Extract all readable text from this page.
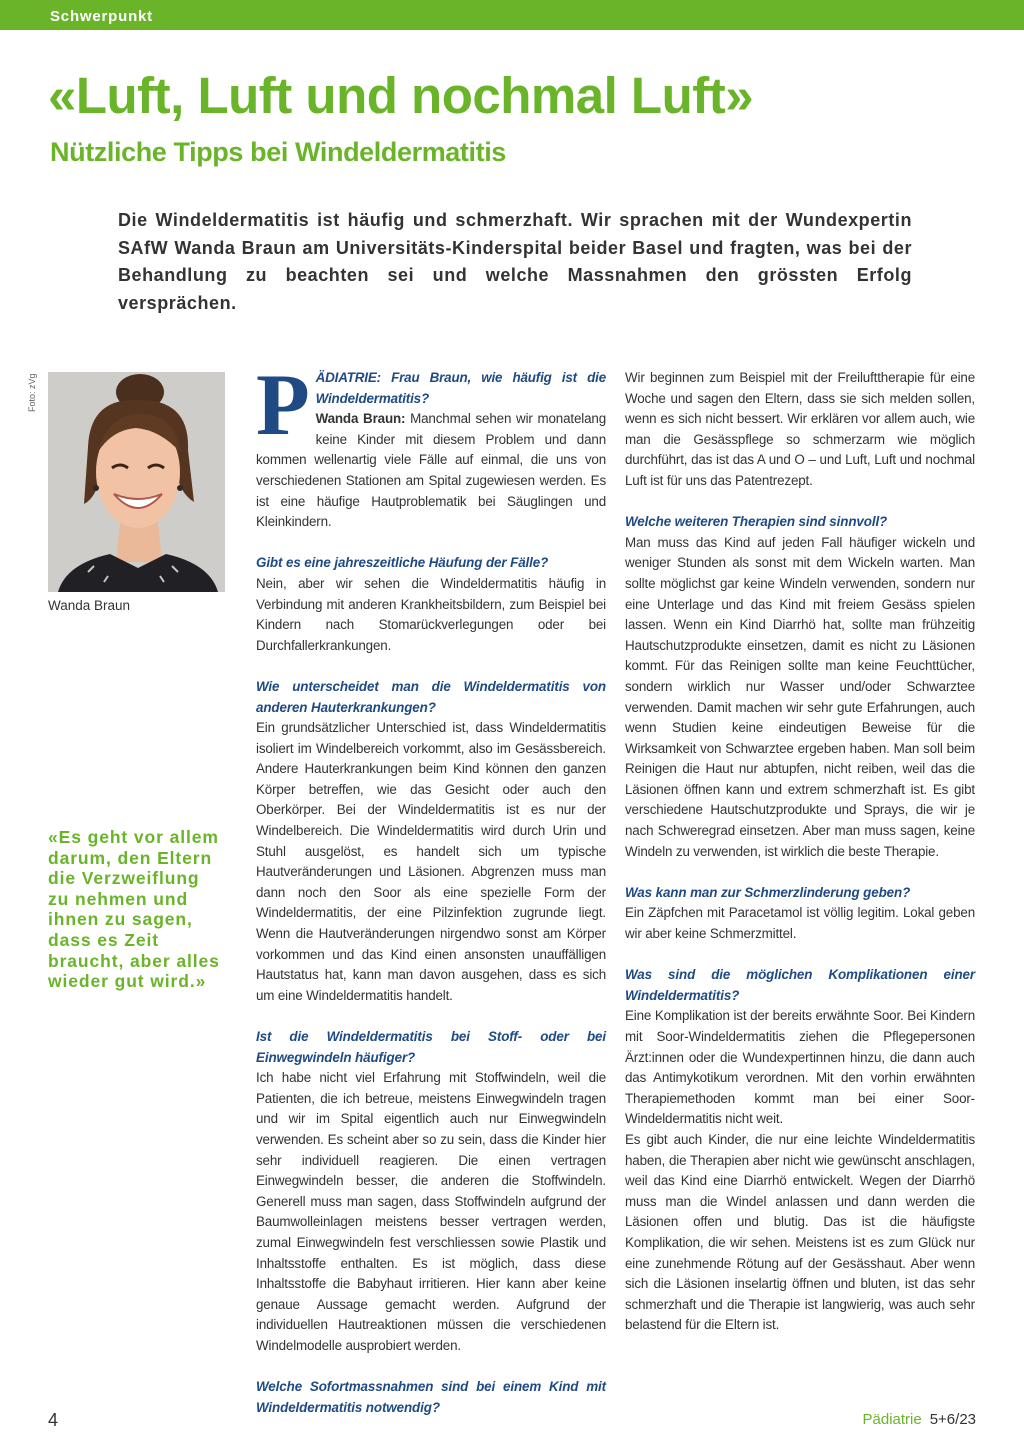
Schwerpunkt
«Luft, Luft und nochmal Luft»
Nützliche Tipps bei Windeldermatitis

Die Windeldermatitis ist häufig und schmerzhaft. Wir sprachen mit der Wundexpertin SAfW Wanda Braun am Universitäts-Kinderspital beider Basel und fragten, was bei der Behandlung zu beachten sei und welche Massnahmen den grössten Erfolg versprächen.

Foto: zVg
Wanda Braun

«Es geht vor allem darum, den Eltern die Verzweiflung zu nehmen und ihnen zu sagen, dass es Zeit braucht, aber alles wieder gut wird.»

PÄDIATRIE: Frau Braun, wie häufig ist die Windeldermatitis?
Wanda Braun: Manchmal sehen wir monatelang keine Kinder mit diesem Problem und dann kommen wellenartig viele Fälle auf einmal, die uns von verschiedenen Stationen am Spital zugewiesen werden. Es ist eine häufige Hautproblematik bei Säuglingen und Kleinkindern.

Gibt es eine jahreszeitliche Häufung der Fälle?

Nein, aber wir sehen die Windeldermatitis häufig in Verbindung mit anderen Krankheitsbildern, zum Beispiel bei Kindern nach Stomarückverlegungen oder bei Durchfallerkrankungen.

Wie unterscheidet man die Windeldermatitis von anderen Hauterkrankungen?

Ein grundsätzlicher Unterschied ist, dass Windeldermatitis isoliert im Windelbereich vorkommt, also im Gesässbereich. Andere Hauterkrankungen beim Kind können den ganzen Körper betreffen, wie das Gesicht oder auch den Oberkörper. Bei der Windeldermatitis ist es nur der Windelbereich. Die Windeldermatitis wird durch Urin und Stuhl ausgelöst, es handelt sich um typische Hautveränderungen und Läsionen. Abgrenzen muss man dann noch den Soor als eine spezielle Form der Windeldermatitis, der eine Pilzinfektion zugrunde liegt. Wenn die Hautveränderungen nirgendwo sonst am Körper vorkommen und das Kind einen ansonsten unauffälligen Hautstatus hat, kann man davon ausgehen, dass es sich um eine Windeldermatitis handelt.

Ist die Windeldermatitis bei Stoff- oder bei Einwegwindeln häufiger?

Ich habe nicht viel Erfahrung mit Stoffwindeln, weil die Patienten, die ich betreue, meistens Einwegwindeln tragen und wir im Spital eigentlich auch nur Einwegwindeln verwenden. Es scheint aber so zu sein, dass die Kinder hier sehr individuell reagieren. Die einen vertragen Einwegwindeln besser, die anderen die Stoffwindeln. Generell muss man sagen, dass Stoffwindeln aufgrund der Baumwolleinlagen meistens besser vertragen werden, zumal Einwegwindeln fest verschliessen sowie Plastik und Inhaltsstoffe enthalten. Es ist möglich, dass diese Inhaltsstoffe die Babyhaut irritieren. Hier kann aber keine genaue Aussage gemacht werden. Aufgrund der individuellen Hautreaktionen müssen die verschiedenen Windelmodelle ausprobiert werden.

Welche Sofortmassnahmen sind bei einem Kind mit Windeldermatitis notwendig?

Wir beginnen zum Beispiel mit der Freilufttherapie für eine Woche und sagen den Eltern, dass sie sich melden sollen, wenn es sich nicht bessert. Wir erklären vor allem auch, wie man die Gesässpflege so schmerzarm wie möglich durchführt, das ist das A und O – und Luft, Luft und nochmal Luft ist für uns das Patentrezept.

Welche weiteren Therapien sind sinnvoll?

Man muss das Kind auf jeden Fall häufiger wickeln und weniger Stunden als sonst mit dem Wickeln warten. Man sollte möglichst gar keine Windeln verwenden, sondern nur eine Unterlage und das Kind mit freiem Gesäss spielen lassen. Wenn ein Kind Diarrhö hat, sollte man frühzeitig Hautschutzprodukte einsetzen, damit es nicht zu Läsionen kommt. Für das Reinigen sollte man keine Feuchttücher, sondern wirklich nur Wasser und/oder Schwarztee verwenden. Damit machen wir sehr gute Erfahrungen, auch wenn Studien keine eindeutigen Beweise für die Wirksamkeit von Schwarztee ergeben haben. Man soll beim Reinigen die Haut nur abtupfen, nicht reiben, weil das die Läsionen öffnen kann und extrem schmerzhaft ist. Es gibt verschiedene Hautschutzprodukte und Sprays, die wir je nach Schweregrad einsetzen. Aber man muss sagen, keine Windeln zu verwenden, ist wirklich die beste Therapie.

Was kann man zur Schmerzlinderung geben?

Ein Zäpfchen mit Paracetamol ist völlig legitim. Lokal geben wir aber keine Schmerzmittel.

Was sind die möglichen Komplikationen einer Windeldermatitis?

Eine Komplikation ist der bereits erwähnte Soor. Bei Kindern mit Soor-Windeldermatitis ziehen die Pflegepersonen Ärzt:innen oder die Wundexpertinnen hinzu, die dann auch das Antimykotikum verordnen. Mit den vorhin erwähnten Therapiemethoden kommt man bei einer Soor-Windeldermatitis nicht weit.

Es gibt auch Kinder, die nur eine leichte Windeldermatitis haben, die Therapien aber nicht wie gewünscht anschlagen, weil das Kind eine Diarrhö entwickelt. Wegen der Diarrhö muss man die Windel anlassen und dann werden die Läsionen offen und blutig. Das ist die häufigste Komplikation, die wir sehen. Meistens ist es zum Glück nur eine zunehmende Rötung auf der Gesässhaut. Aber wenn sich die Läsionen inselartig öffnen und bluten, ist das sehr schmerzhaft und die Therapie ist langwierig, was auch sehr belastend für die Eltern ist.

4	Pädiatrie 5+6/23
